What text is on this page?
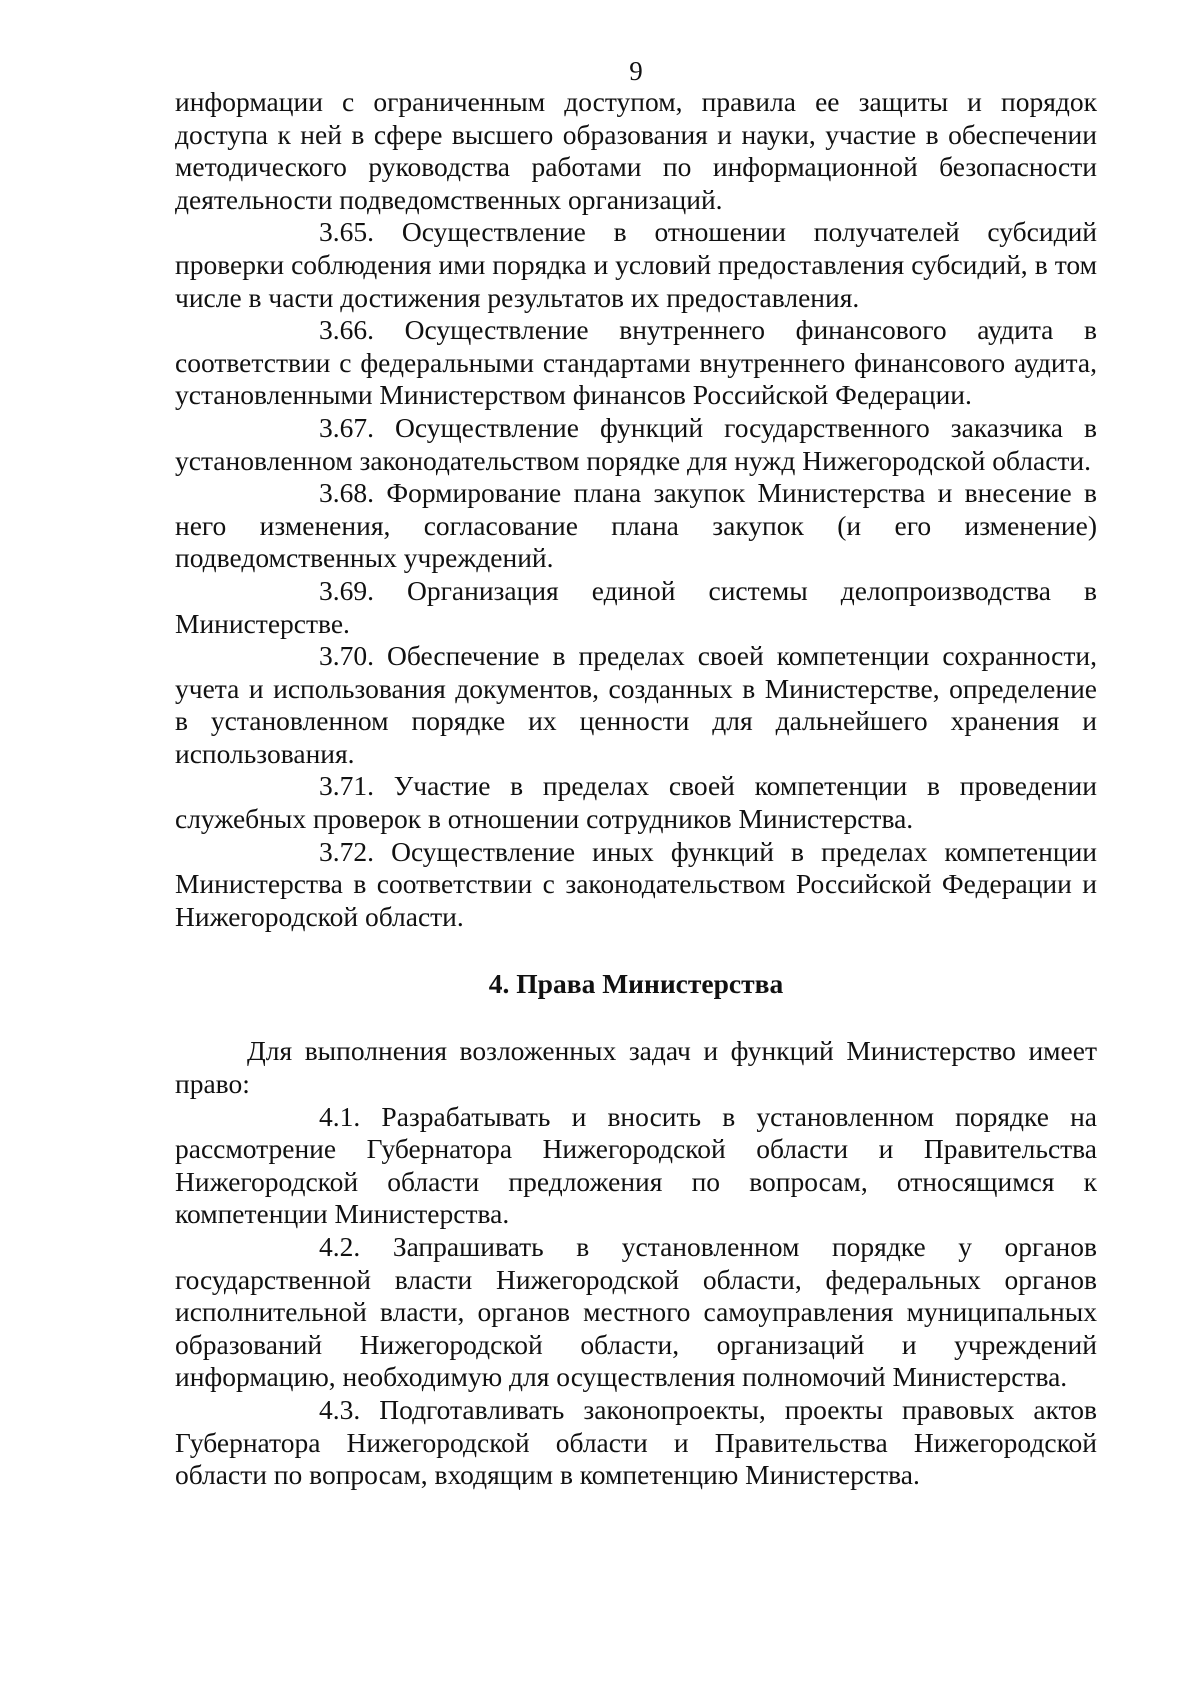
9

информации с ограниченным доступом, правила ее защиты и порядок доступа к ней в сфере высшего образования и науки, участие в обеспечении методического руководства работами по информационной безопасности деятельности подведомственных организаций.

3.65. Осуществление в отношении получателей субсидий проверки соблюдения ими порядка и условий предоставления субсидий, в том числе в части достижения результатов их предоставления.

3.66. Осуществление внутреннего финансового аудита в соответствии с федеральными стандартами внутреннего финансового аудита, установленными Министерством финансов Российской Федерации.

3.67. Осуществление функций государственного заказчика в установленном законодательством порядке для нужд Нижегородской области.

3.68. Формирование плана закупок Министерства и внесение в него изменения, согласование плана закупок (и его изменение) подведомственных учреждений.

3.69. Организация единой системы делопроизводства в Министерстве.

3.70. Обеспечение в пределах своей компетенции сохранности, учета и использования документов, созданных в Министерстве, определение в установленном порядке их ценности для дальнейшего хранения и использования.

3.71. Участие в пределах своей компетенции в проведении служебных проверок в отношении сотрудников Министерства.

3.72. Осуществление иных функций в пределах компетенции Министерства в соответствии с законодательством Российской Федерации и Нижегородской области.

4. Права Министерства

Для выполнения возложенных задач и функций Министерство имеет право:

4.1. Разрабатывать и вносить в установленном порядке на рассмотрение Губернатора Нижегородской области и Правительства Нижегородской области предложения по вопросам, относящимся к компетенции Министерства.

4.2. Запрашивать в установленном порядке у органов государственной власти Нижегородской области, федеральных органов исполнительной власти, органов местного самоуправления муниципальных образований Нижегородской области, организаций и учреждений информацию, необходимую для осуществления полномочий Министерства.

4.3. Подготавливать законопроекты, проекты правовых актов Губернатора Нижегородской области и Правительства Нижегородской области по вопросам, входящим в компетенцию Министерства.
